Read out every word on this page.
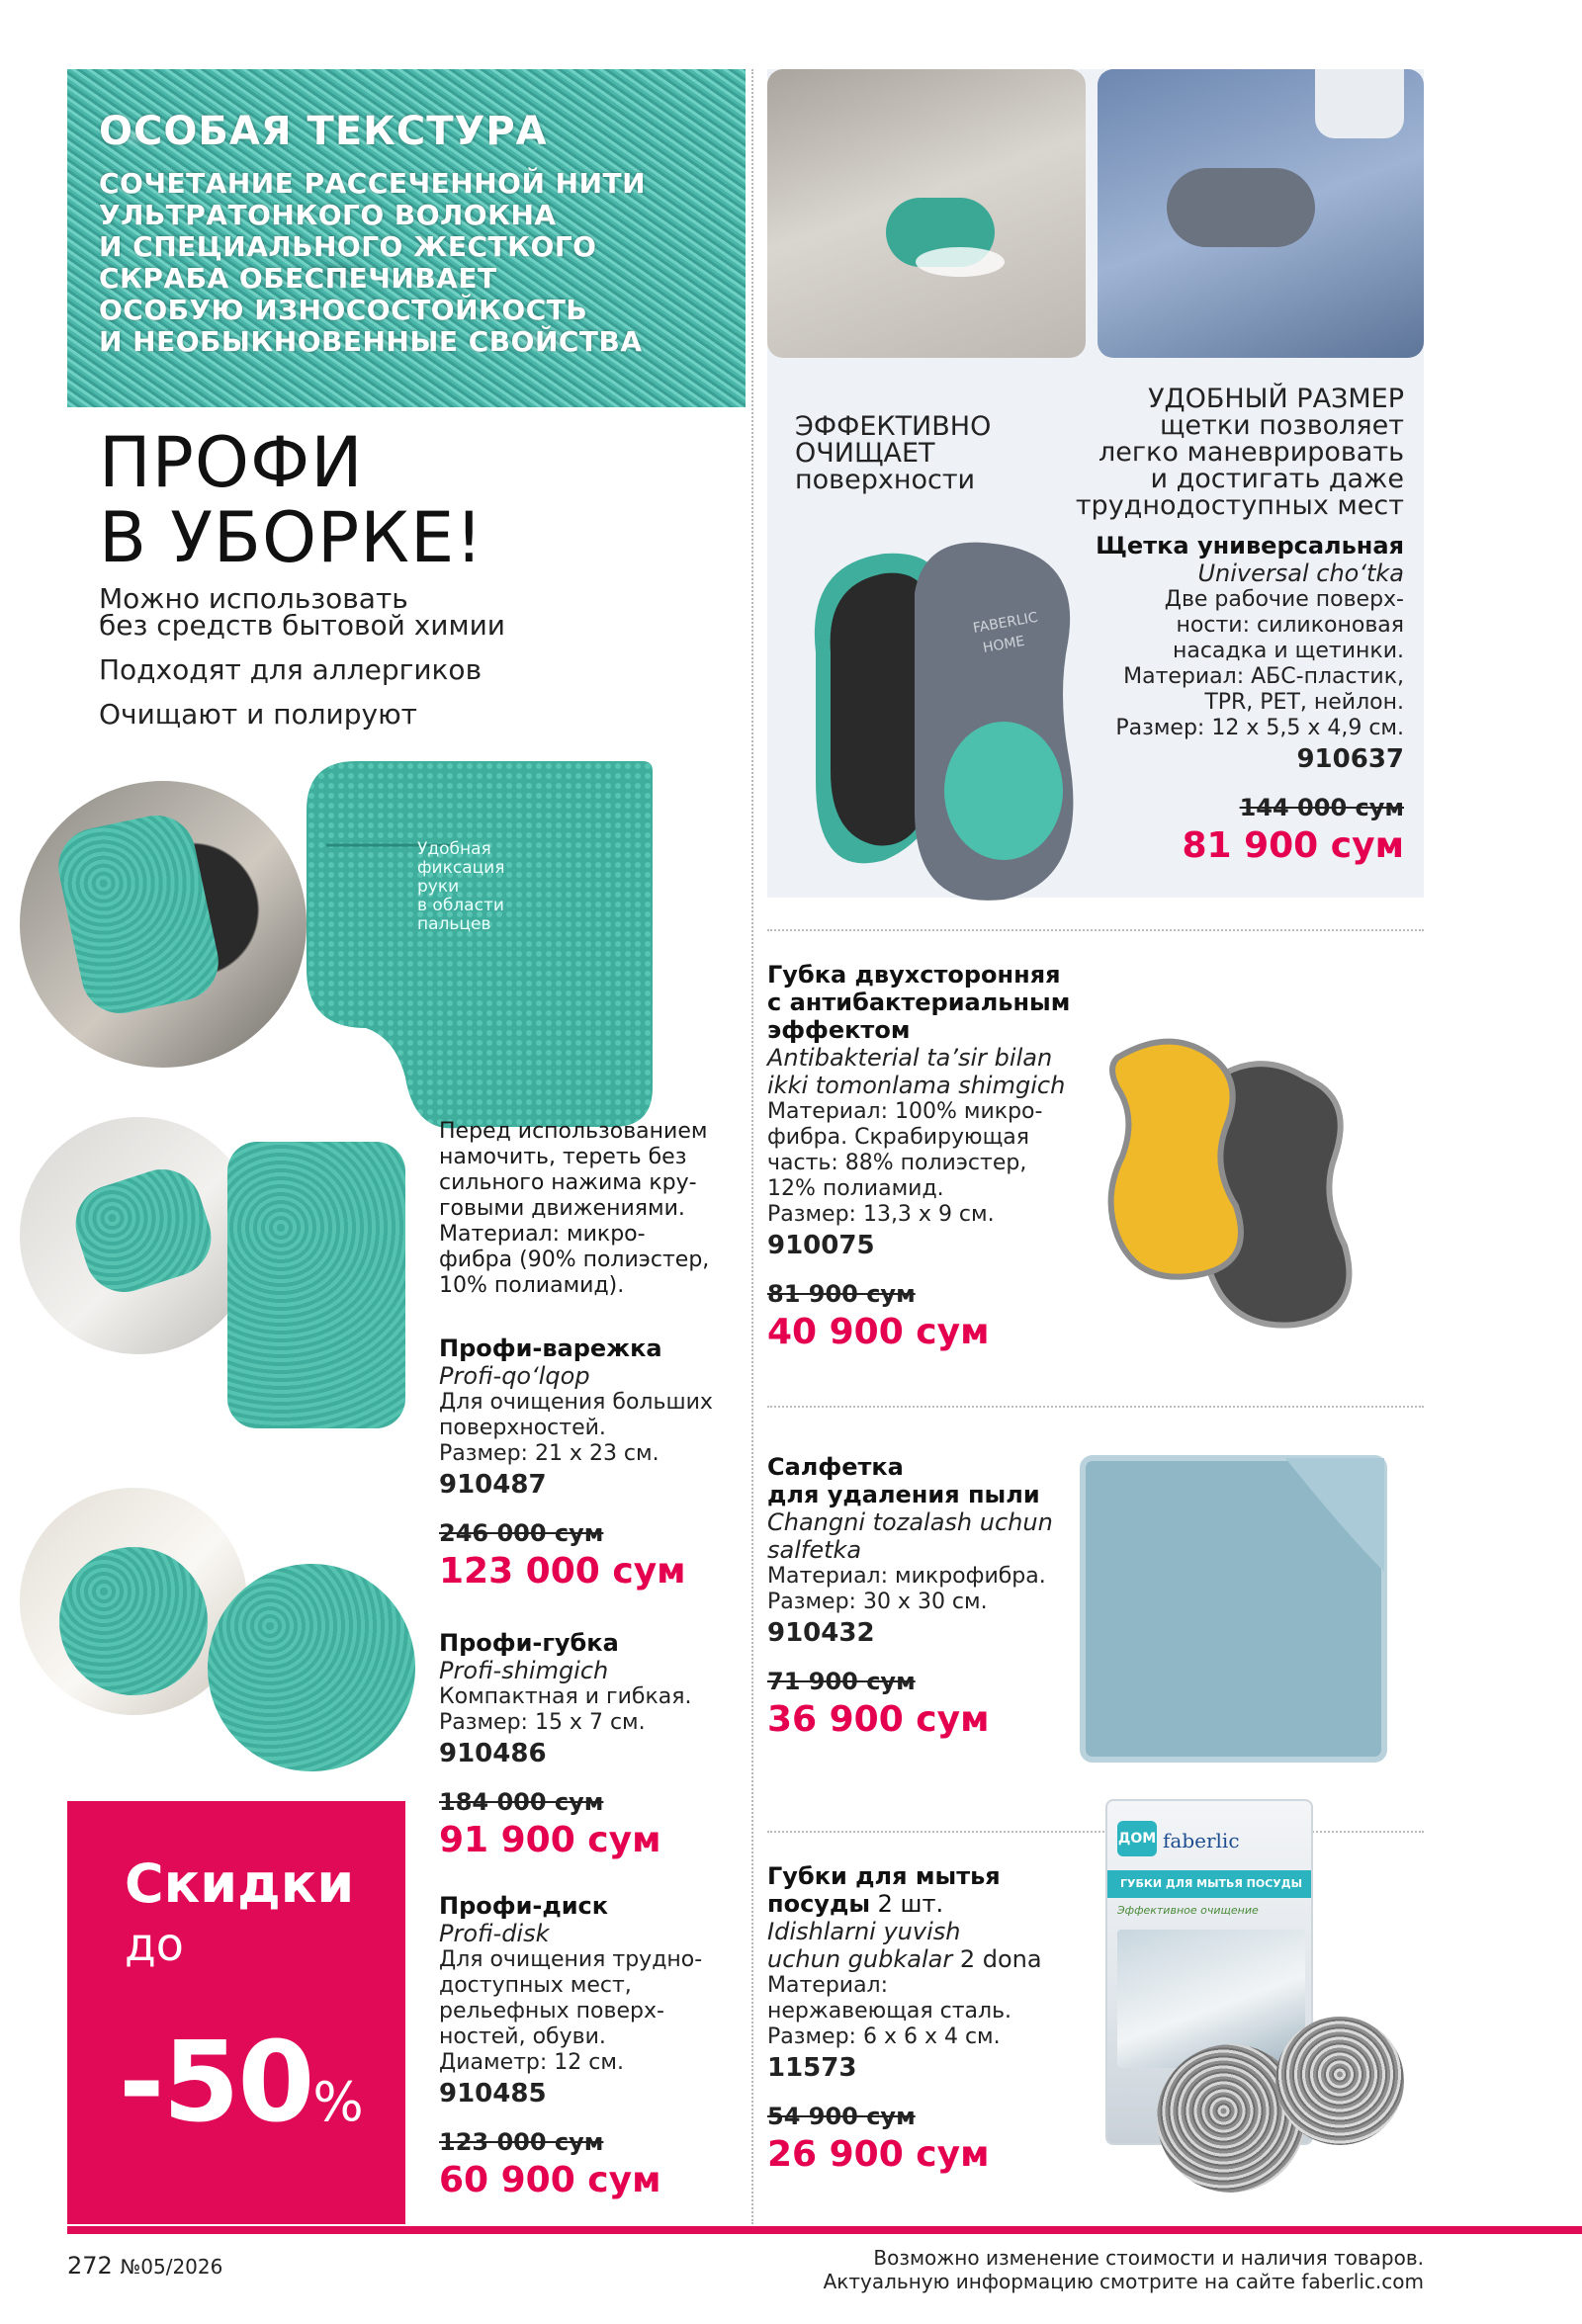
ОСОБАЯ ТЕКСТУРА
СОЧЕТАНИЕ РАССЕЧЕННОЙ НИТИ
УЛЬТРАТОНКОГО ВОЛОКНА
И СПЕЦИАЛЬНОГО ЖЕСТКОГО
СКРАБА ОБЕСПЕЧИВАЕТ
ОСОБУЮ ИЗНОСОСТОЙКОСТЬ
И НЕОБЫКНОВЕННЫЕ СВОЙСТВА
ПРОФИ
В УБОРКЕ!
Можно использовать
без средств бытовой химии
Подходят для аллергиков
Очищают и полируют
Удобная
фиксация
руки
в области
пальцев
Перед использованием
намочить, тереть без
сильного нажима кру-
говыми движениями.
Материал: микро-
фибра (90% полиэстер,
10% полиамид).
Профи-варежка
Profi-qo‘lqop
Для очищения больших
поверхностей.
Размер: 21 х 23 см.
910487
246 000 сум
123 000 сум
Профи-губка
Profi-shimgich
Компактная и гибкая.
Размер: 15 х 7 см.
910486
184 000 сум
91 900 сум
Профи-диск
Profi-disk
Для очищения трудно-
доступных мест,
рельефных поверх-
ностей, обуви.
Диаметр: 12 см.
910485
123 000 сум
60 900 сум
Скидки
до
-50%
ЭФФЕКТИВНО
ОЧИЩАЕТ
поверхности
УДОБНЫЙ РАЗМЕР
щетки позволяет
легко маневрировать
и достигать даже
труднодоступных мест
FABERLIC
HOME
Щетка универсальная
Universal cho‘tka
Две рабочие поверх-
ности: силиконовая
насадка и щетинки.
Материал: АБС-пластик,
TPR, PET, нейлон.
Размер: 12 х 5,5 х 4,9 см.
910637
144 000 сум
81 900 сум
Губка двухсторонняя
с антибактериальным
эффектом
Antibakterial ta’sir bilan
ikki tomonlama shimgich
Материал: 100% микро-
фибра. Скрабирующая
часть: 88% полиэстер,
12% полиамид.
Размер: 13,3 х 9 см.
910075
81 900 сум
40 900 сум
Салфетка
для удаления пыли
Changni tozalash uchun
salfetka
Материал: микрофибра.
Размер: 30 х 30 см.
910432
71 900 сум
36 900 сум
Губки для мытья
посуды 2 шт.
Idishlarni yuvish
uchun gubkalar 2 dona
Материал:
нержавеющая сталь.
Размер: 6 х 6 х 4 см.
11573
54 900 сум
26 900 сум
ДОМ faberlic
ГУБКИ ДЛЯ МЫТЬЯ ПОСУДЫ
Эффективное очищение
272 №05/2026	Возможно изменение стоимости и наличия товаров.
Актуальную информацию смотрите на сайте faberlic.com
